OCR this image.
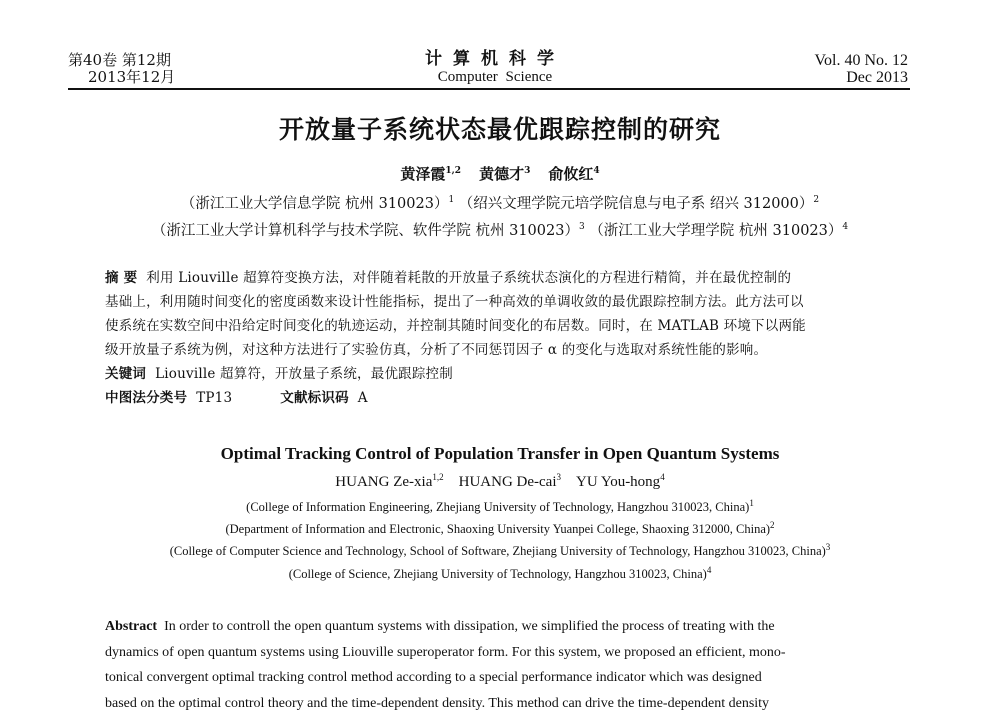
第40卷 第12期
2013年12月
计算机科学
Computer Science
Vol. 40 No. 12
Dec 2013
开放量子系统状态最优跟踪控制的研究
黄泽霞$^{1,2}$ 黄德才$^3$ 俞攸红$^4$
（浙江工业大学信息学院 杭州 310023）$^1$ （绍兴文理学院元培学院信息与电子系 绍兴 312000）$^2$
（浙江工业大学计算机科学与技术学院、软件学院 杭州 310023）$^3$ （浙江工业大学理学院 杭州 310023）$^4$
摘 要 利用 Liouville 超算符变换方法，对伴随着耗散的开放量子系统状态演化的方程进行精简，并在最优控制的
基础上，利用随时间变化的密度函数来设计性能指标，提出了一种高效的单调收敛的最优跟踪控制方法。此方法可以
使系统在实数空间中沿给定时间变化的轨迹运动，并控制其随时间变化的布居数。同时，在 MATLAB 环境下以两能
级开放量子系统为例，对这种方法进行了实验仿真，分析了不同惩罚因子 α 的变化与选取对系统性能的影响。
关键词 Liouville 超算符，开放量子系统，最优跟踪控制
中图法分类号 TP13	文献标识码 A
Optimal Tracking Control of Population Transfer in Open Quantum Systems
HUANG Ze-xia$^{1,2}$ HUANG De-cai$^3$ YU You-hong$^4$
(College of Information Engineering, Zhejiang University of Technology, Hangzhou 310023, China)$^1$
(Department of Information and Electronic, Shaoxing University Yuanpei College, Shaoxing 312000, China)$^2$
(College of Computer Science and Technology, School of Software, Zhejiang University of Technology, Hangzhou 310023, China)$^3$
(College of Science, Zhejiang University of Technology, Hangzhou 310023, China)$^4$
Abstract In order to controll the open quantum systems with dissipation, we simplified the process of treating with the
dynamics of open quantum systems using Liouville superoperator form. For this system, we proposed an efficient, mono-
tonical convergent optimal tracking control method according to a special performance indicator which was designed
based on the optimal control theory and the time-dependent density. This method can drive the time-dependent density
